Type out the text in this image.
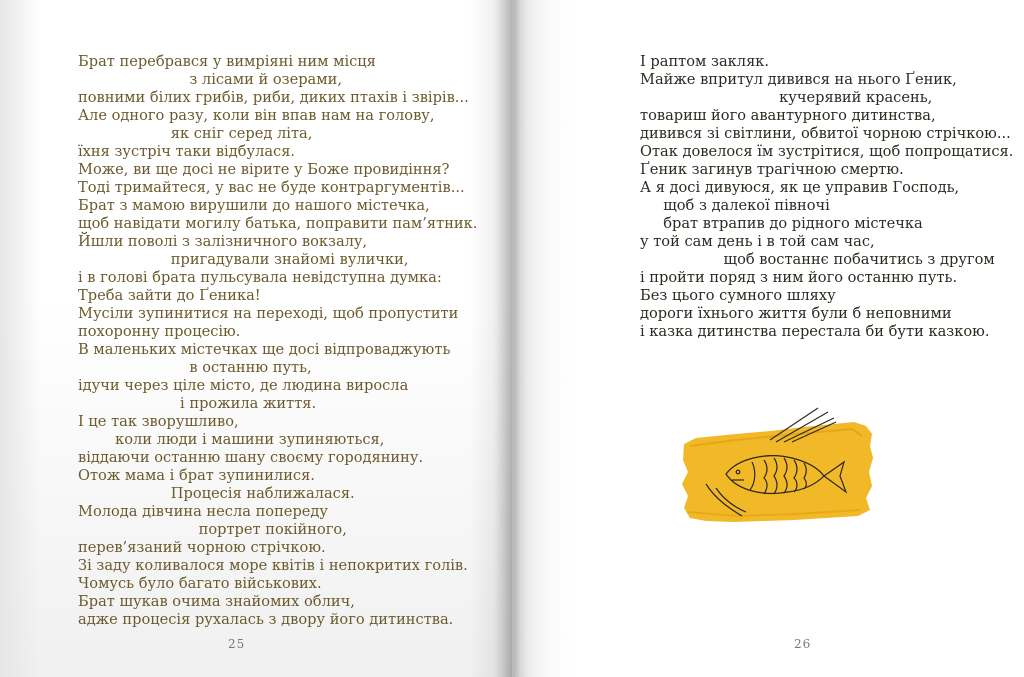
Брат перебрався у вимріяні ним місця
з лісами й озерами,
повними білих грибів, риби, диких птахів і звірів...
Але одного разу, коли він впав нам на голову,
як сніг серед літа,
їхня зустріч таки відбулася.
Може, ви ще досі не вірите у Боже провидіння?
Тоді тримайтеся, у вас не буде контраргументів...
Брат з мамою вирушили до нашого містечка,
щоб навідати могилу батька, поправити пам’ятник.
Йшли поволі з залізничного вокзалу,
пригадували знайомі вулички,
і в голові брата пульсувала невідступна думка:
Треба зайти до Ґеника!
Мусіли зупинитися на переході, щоб пропустити
похоронну процесію.
В маленьких містечках ще досі відпроваджують
в останню путь,
ідучи через ціле місто, де людина виросла
і прожила життя.
І це так зворушливо,
коли люди і машини зупиняються,
віддаючи останню шану своєму городянину.
Отож мама і брат зупинилися.
Процесія наближалася.
Молода дівчина несла попереду
портрет покійного,
перев’язаний чорною стрічкою.
Зі заду коливалося море квітів і непокритих голів.
Чомусь було багато військових.
Брат шукав очима знайомих облич,
адже процесія рухалась з двору його дитинства.
25
І раптом закляк.
Майже впритул дивився на нього Ґеник,
кучерявий красень,
товариш його авантурного дитинства,
дивився зі світлини, обвитої чорною стрічкою...
Отак довелося їм зустрітися, щоб попрощатися.
Ґеник загинув трагічною смертю.
А я досі дивуюся, як це управив Господь,
щоб з далекої півночі
брат втрапив до рідного містечка
у той сам день і в той сам час,
щоб востаннє побачитись з другом
і пройти поряд з ним його останню путь.
Без цього сумного шляху
дороги їхнього життя були б неповними
і казка дитинства перестала би бути казкою.
26
